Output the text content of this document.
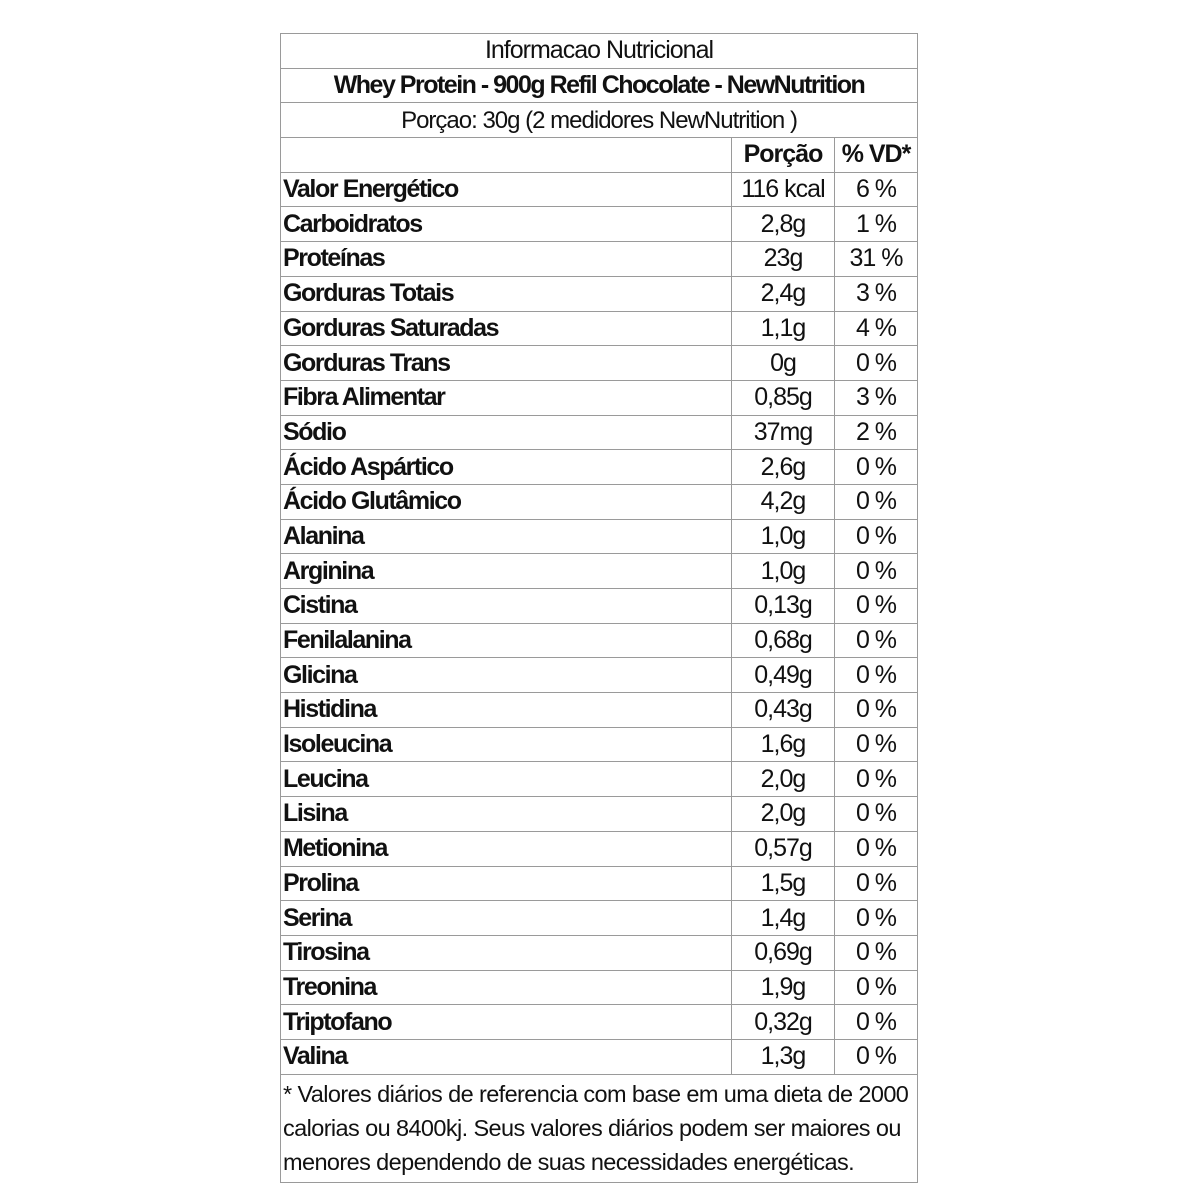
Informacao Nutricional		
Whey Protein - 900g Refil Chocolate - NewNutrition		
Porçao: 30g (2 medidores NewNutrition )		
	Porção	% VD*
Valor Energético	116 kcal	6 %
Carboidratos	2,8g	1 %
Proteínas	23g	31 %
Gorduras Totais	2,4g	3 %
Gorduras Saturadas	1,1g	4 %
Gorduras Trans	0g	0 %
Fibra Alimentar	0,85g	3 %
Sódio	37mg	2 %
Ácido Aspártico	2,6g	0 %
Ácido Glutâmico	4,2g	0 %
Alanina	1,0g	0 %
Arginina	1,0g	0 %
Cistina	0,13g	0 %
Fenilalanina	0,68g	0 %
Glicina	0,49g	0 %
Histidina	0,43g	0 %
Isoleucina	1,6g	0 %
Leucina	2,0g	0 %
Lisina	2,0g	0 %
Metionina	0,57g	0 %
Prolina	1,5g	0 %
Serina	1,4g	0 %
Tirosina	0,69g	0 %
Treonina	1,9g	0 %
Triptofano	0,32g	0 %
Valina	1,3g	0 %
* Valores diários de referencia com base em uma dieta de 2000 calorias ou 8400kj. Seus valores diários podem ser maiores ou menores dependendo de suas necessidades energéticas.		
